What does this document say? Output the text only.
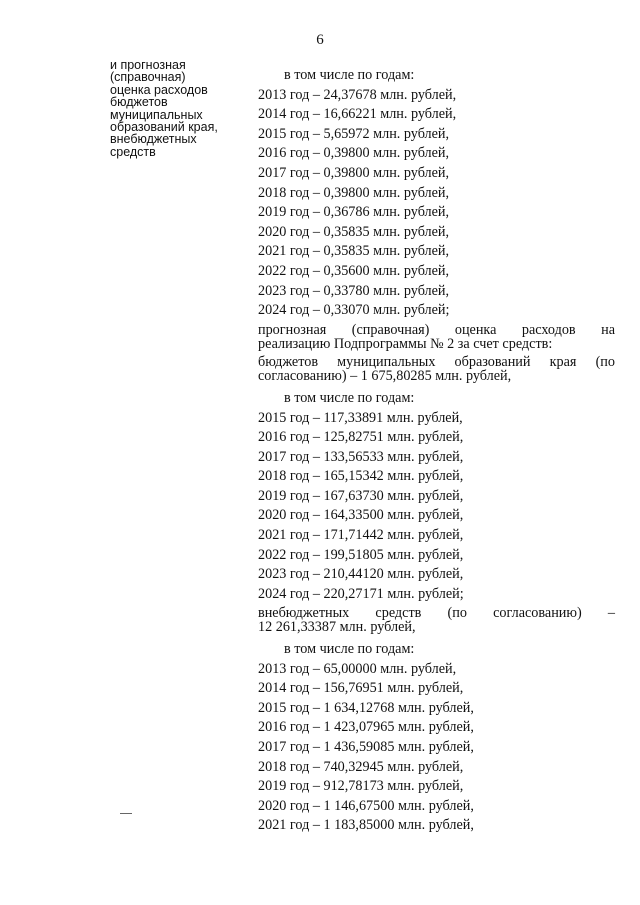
6
и прогнозная
(справочная)
оценка расходов
бюджетов
муниципальных
образований края,
внебюджетных
средств
в том числе по годам:
2013 год – 24,37678 млн. рублей,
2014 год – 16,66221 млн. рублей,
2015 год – 5,65972 млн. рублей,
2016 год – 0,39800 млн. рублей,
2017 год – 0,39800 млн. рублей,
2018 год – 0,39800 млн. рублей,
2019 год – 0,36786 млн. рублей,
2020 год – 0,35835 млн. рублей,
2021 год – 0,35835 млн. рублей,
2022 год – 0,35600 млн. рублей,
2023 год – 0,33780 млн. рублей,
2024 год – 0,33070 млн. рублей;
прогнозная (справочная) оценка расходов на
реализацию Подпрограммы № 2 за счет средств:
бюджетов муниципальных образований края (по
согласованию) – 1 675,80285 млн. рублей,
в том числе по годам:
2015 год – 117,33891 млн. рублей,
2016 год – 125,82751 млн. рублей,
2017 год – 133,56533 млн. рублей,
2018 год – 165,15342 млн. рублей,
2019 год – 167,63730 млн. рублей,
2020 год – 164,33500 млн. рублей,
2021 год – 171,71442 млн. рублей,
2022 год – 199,51805 млн. рублей,
2023 год – 210,44120 млн. рублей,
2024 год – 220,27171 млн. рублей;
внебюджетных средств (по согласованию) –
12 261,33387 млн. рублей,
в том числе по годам:
2013 год – 65,00000 млн. рублей,
2014 год – 156,76951 млн. рублей,
2015 год – 1 634,12768 млн. рублей,
2016 год – 1 423,07965 млн. рублей,
2017 год – 1 436,59085 млн. рублей,
2018 год – 740,32945 млн. рублей,
2019 год – 912,78173 млн. рублей,
2020 год – 1 146,67500 млн. рублей,
2021 год – 1 183,85000 млн. рублей,
